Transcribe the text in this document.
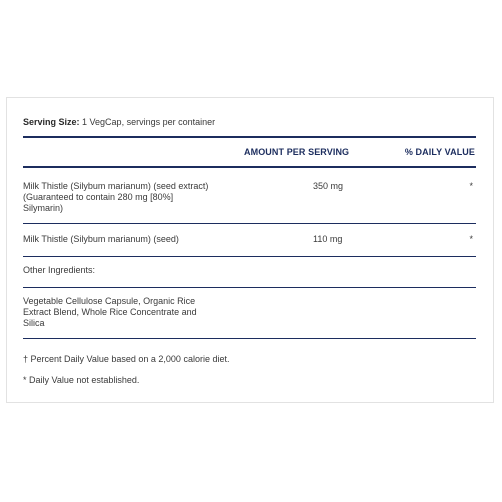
Serving Size: 1 VegCap, servings per container
AMOUNT PER SERVING	% DAILY VALUE
Milk Thistle (Silybum marianum) (seed extract)
(Guaranteed to contain 280 mg [80%]
Silymarin)
350 mg	*
Milk Thistle (Silybum marianum) (seed)	110 mg	*
Other Ingredients:
Vegetable Cellulose Capsule, Organic Rice
Extract Blend, Whole Rice Concentrate and
Silica
† Percent Daily Value based on a 2,000 calorie diet.
* Daily Value not established.
